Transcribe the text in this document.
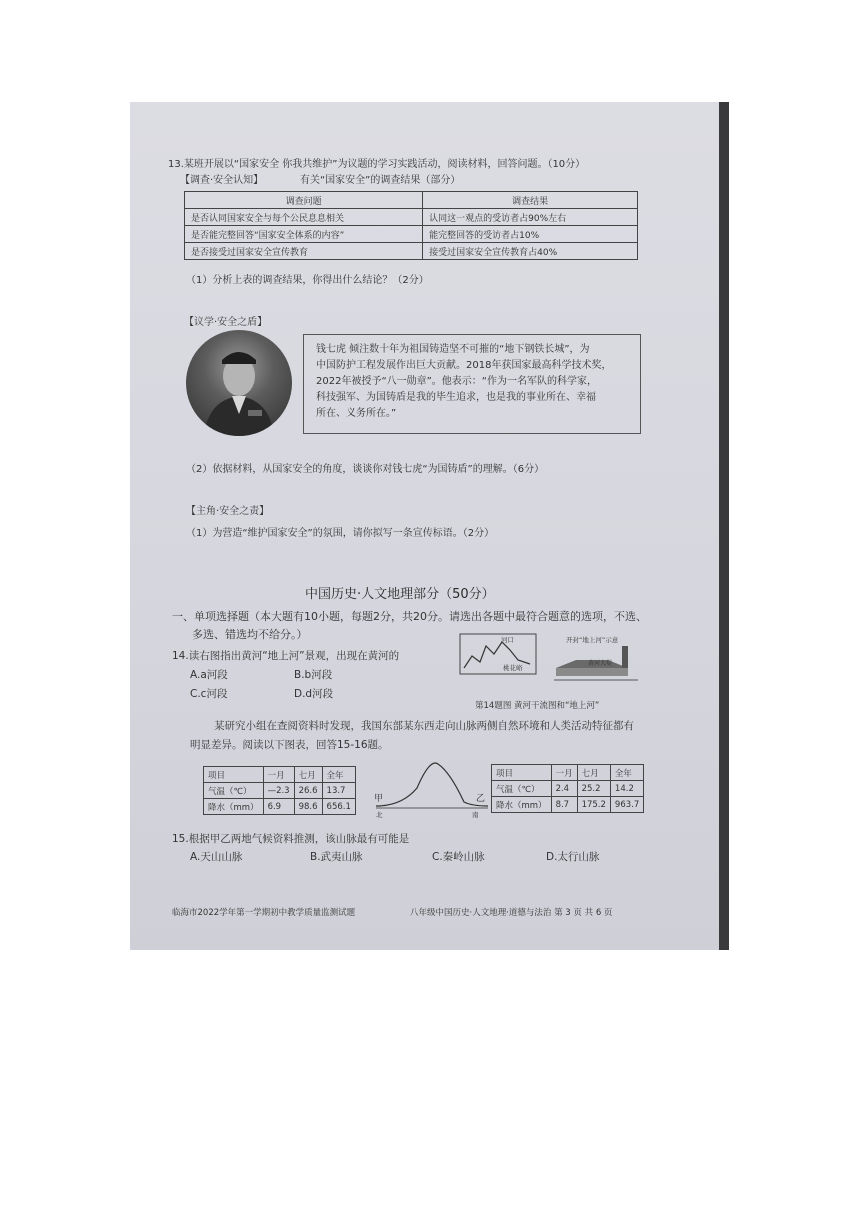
13.某班开展以“国家安全 你我共维护”为议题的学习实践活动，阅读材料，回答问题。（10分）
【调查·安全认知】	有关“国家安全”的调查结果（部分）
调查问题	调查结果
是否认同国家安全与每个公民息息相关	认同这一观点的受访者占90%左右
是否能完整回答“国家安全体系的内容”	能完整回答的受访者占10%
是否接受过国家安全宣传教育	接受过国家安全宣传教育占40%
（1）分析上表的调查结果，你得出什么结论？（2分）
【议学·安全之盾】
钱七虎 倾注数十年为祖国铸造坚不可摧的“地下钢铁长城”，为
中国防护工程发展作出巨大贡献。2018年获国家最高科学技术奖，
2022年被授予“八一勋章”。他表示：“作为一名军队的科学家，
科技强军、为国铸盾是我的毕生追求，也是我的事业所在、幸福
所在、义务所在。”
（2）依据材料，从国家安全的角度，谈谈你对钱七虎“为国铸盾”的理解。（6分）
【主角·安全之责】
（1）为营造“维护国家安全”的氛围，请你拟写一条宣传标语。（2分）
中国历史·人文地理部分（50分）
一、单项选择题（本大题有10小题，每题2分，共20分。请选出各题中最符合题意的选项，不选、
多选、错选均不给分。）
14.读右图指出黄河“地上河”景观，出现在黄河的
A.a河段	B.b河段
C.c河段	D.d河段
河口
桃花峪
开封“地上河”示意
黄河大堤
第14题图 黄河干流图和“地上河”
某研究小组在查阅资料时发现，我国东部某东西走向山脉两侧自然环境和人类活动特征都有
明显差异。阅读以下图表，回答15-16题。
项目	一月	七月	全年
气温（℃）	—2.3	26.6	13.7
降水（mm）	6.9	98.6	656.1
甲	乙
北	南
项目	一月	七月	全年
气温（℃）	2.4	25.2	14.2
降水（mm）	8.7	175.2	963.7
15.根据甲乙两地气候资料推测，该山脉最有可能是
A.天山山脉	B.武夷山脉	C.秦岭山脉	D.太行山脉
临海市2022学年第一学期初中教学质量监测试题	八年级中国历史·人文地理·道德与法治 第 3 页 共 6 页
